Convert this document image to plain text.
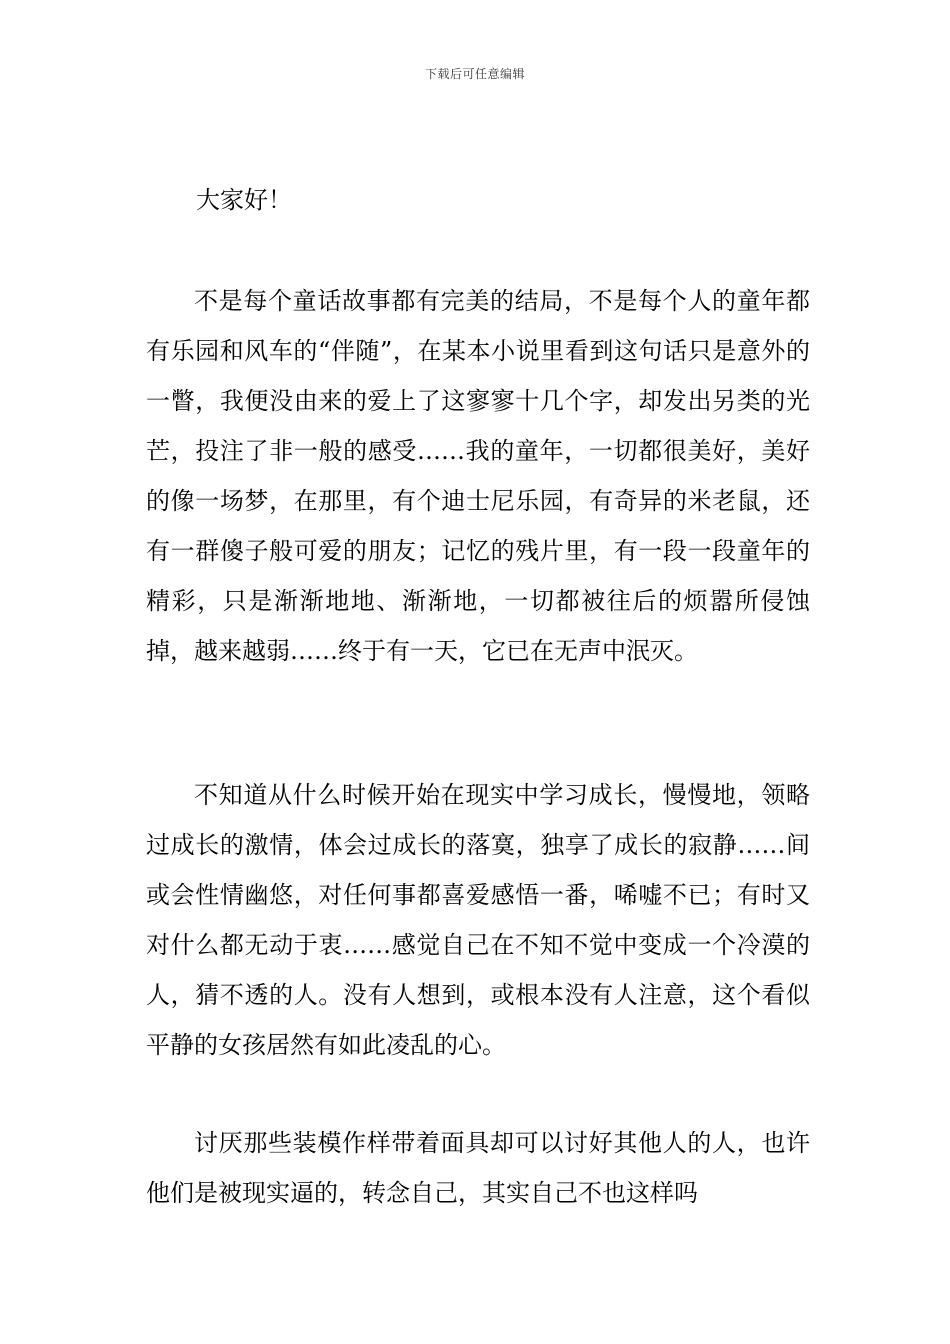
下载后可任意编辑
大家好！

不是每个童话故事都有完美的结局，不是每个人的童年都有乐园和风车的“伴随”，在某本小说里看到这句话只是意外的一瞥，我便没由来的爱上了这寥寥十几个字，却发出另类的光芒，投注了非一般的感受……我的童年，一切都很美好，美好的像一场梦，在那里，有个迪士尼乐园，有奇异的米老鼠，还有一群傻子般可爱的朋友；记忆的残片里，有一段一段童年的精彩，只是渐渐地地、渐渐地，一切都被往后的烦嚣所侵蚀掉，越来越弱……终于有一天，它已在无声中泯灭。

不知道从什么时候开始在现实中学习成长，慢慢地，领略过成长的激情，体会过成长的落寞，独享了成长的寂静……间或会性情幽悠，对任何事都喜爱感悟一番，唏嘘不已；有时又对什么都无动于衷……感觉自己在不知不觉中变成一个冷漠的人，猜不透的人。没有人想到，或根本没有人注意，这个看似平静的女孩居然有如此凌乱的心。

讨厌那些装模作样带着面具却可以讨好其他人的人，也许他们是被现实逼的，转念自己，其实自己不也这样吗
